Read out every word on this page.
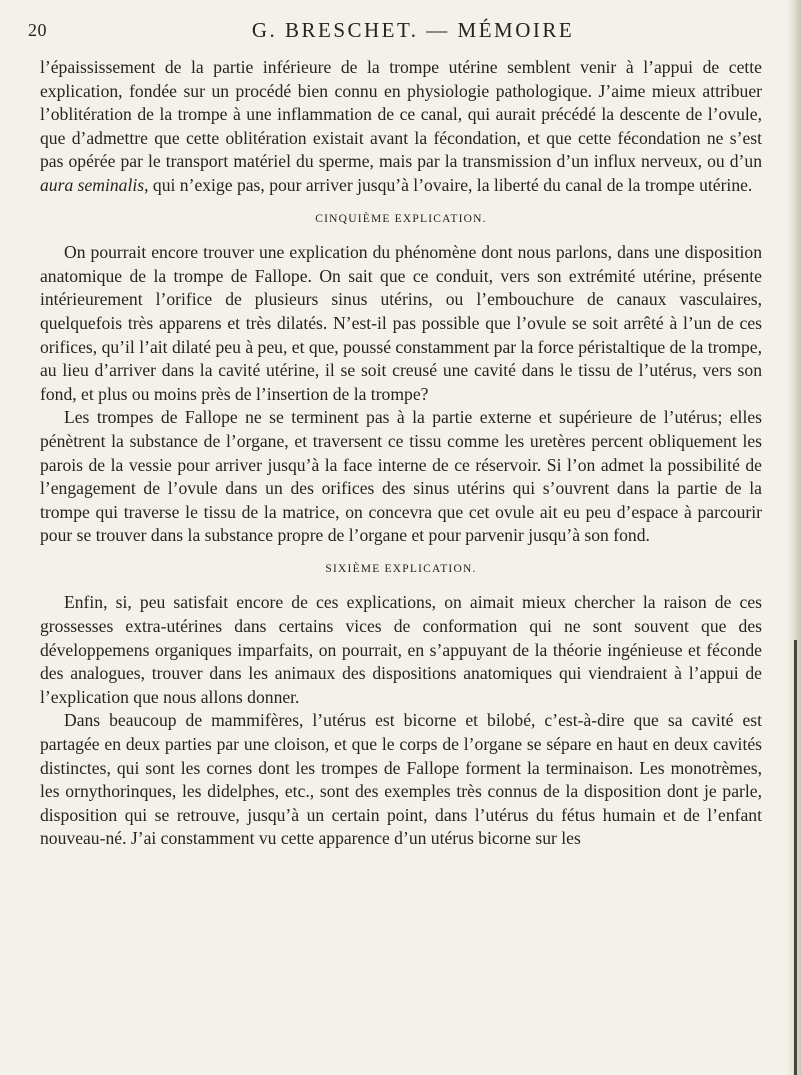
20	G. BRESCHET. — MÉMOIRE

l’épaississement de la partie inférieure de la trompe utérine semblent venir à l’appui de cette explication, fondée sur un procédé bien connu en physiologie pathologique. J’aime mieux attribuer l’oblitération de la trompe à une inflammation de ce canal, qui aurait précédé la descente de l’ovule, que d’admettre que cette oblitération existait avant la fécondation, et que cette fécondation ne s’est pas opérée par le transport matériel du sperme, mais par la transmission d’un influx nerveux, ou d’un aura seminalis, qui n’exige pas, pour arriver jusqu’à l’ovaire, la liberté du canal de la trompe utérine.

CINQUIÈME EXPLICATION.

On pourrait encore trouver une explication du phénomène dont nous parlons, dans une disposition anatomique de la trompe de Fallope. On sait que ce conduit, vers son extrémité utérine, présente intérieurement l’orifice de plusieurs sinus utérins, ou l’embouchure de canaux vasculaires, quelquefois très apparens et très dilatés. N’est-il pas possible que l’ovule se soit arrêté à l’un de ces orifices, qu’il l’ait dilaté peu à peu, et que, poussé constamment par la force péristaltique de la trompe, au lieu d’arriver dans la cavité utérine, il se soit creusé une cavité dans le tissu de l’utérus, vers son fond, et plus ou moins près de l’insertion de la trompe?

Les trompes de Fallope ne se terminent pas à la partie externe et supérieure de l’utérus; elles pénètrent la substance de l’organe, et traversent ce tissu comme les uretères percent obliquement les parois de la vessie pour arriver jusqu’à la face interne de ce réservoir. Si l’on admet la possibilité de l’engagement de l’ovule dans un des orifices des sinus utérins qui s’ouvrent dans la partie de la trompe qui traverse le tissu de la matrice, on concevra que cet ovule ait eu peu d’espace à parcourir pour se trouver dans la substance propre de l’organe et pour parvenir jusqu’à son fond.

SIXIÈME EXPLICATION.

Enfin, si, peu satisfait encore de ces explications, on aimait mieux chercher la raison de ces grossesses extra-utérines dans certains vices de conformation qui ne sont souvent que des développemens organiques imparfaits, on pourrait, en s’appuyant de la théorie ingénieuse et féconde des analogues, trouver dans les animaux des dispositions anatomiques qui viendraient à l’appui de l’explication que nous allons donner.

Dans beaucoup de mammifères, l’utérus est bicorne et bilobé, c’est-à-dire que sa cavité est partagée en deux parties par une cloison, et que le corps de l’organe se sépare en haut en deux cavités distinctes, qui sont les cornes dont les trompes de Fallope forment la terminaison. Les monotrèmes, les ornythorinques, les didelphes, etc., sont des exemples très connus de la disposition dont je parle, disposition qui se retrouve, jusqu’à un certain point, dans l’utérus du fétus humain et de l’enfant nouveau-né. J’ai constamment vu cette apparence d’un utérus bicorne sur les
